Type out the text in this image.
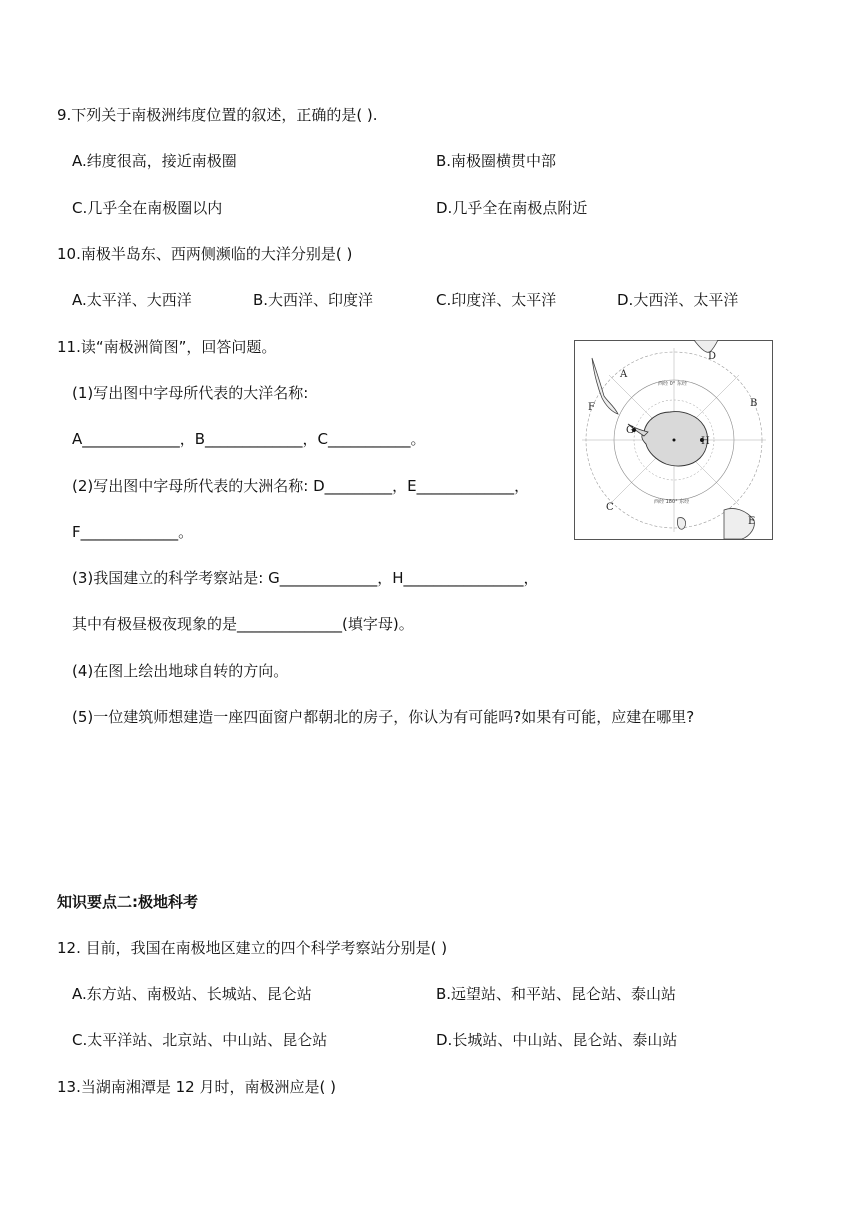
9.下列关于南极洲纬度位置的叙述，正确的是( ).
A.纬度很高，接近南极圈	B.南极圈横贯中部
C.几乎全在南极圈以内	D.几乎全在南极点附近
10.南极半岛东、西两侧濒临的大洋分别是( )
A.太平洋、大西洋	B.大西洋、印度洋	C.印度洋、太平洋	D.大西洋、太平洋
11.读“南极洲简图”，回答问题。
(1)写出图中字母所代表的大洋名称:
A_____________，B_____________，C___________。
(2)写出图中字母所代表的大洲名称: D_________，E_____________，
F_____________。
(3)我国建立的科学考察站是: G_____________，H________________，
其中有极昼极夜现象的是______________(填字母)。
(4)在图上绘出地球自转的方向。
(5)一位建筑师想建造一座四面窗户都朝北的房子，你认为有可能吗?如果有可能，应建在哪里?
A
B
C
D
E
F
G
H
西经 0° 东经
西经 180° 东经
知识要点二:极地科考
12. 目前，我国在南极地区建立的四个科学考察站分别是( )
A.东方站、南极站、长城站、昆仑站	B.远望站、和平站、昆仑站、泰山站
C.太平洋站、北京站、中山站、昆仑站	D.长城站、中山站、昆仑站、泰山站
13.当湖南湘潭是 12 月时，南极洲应是( )
